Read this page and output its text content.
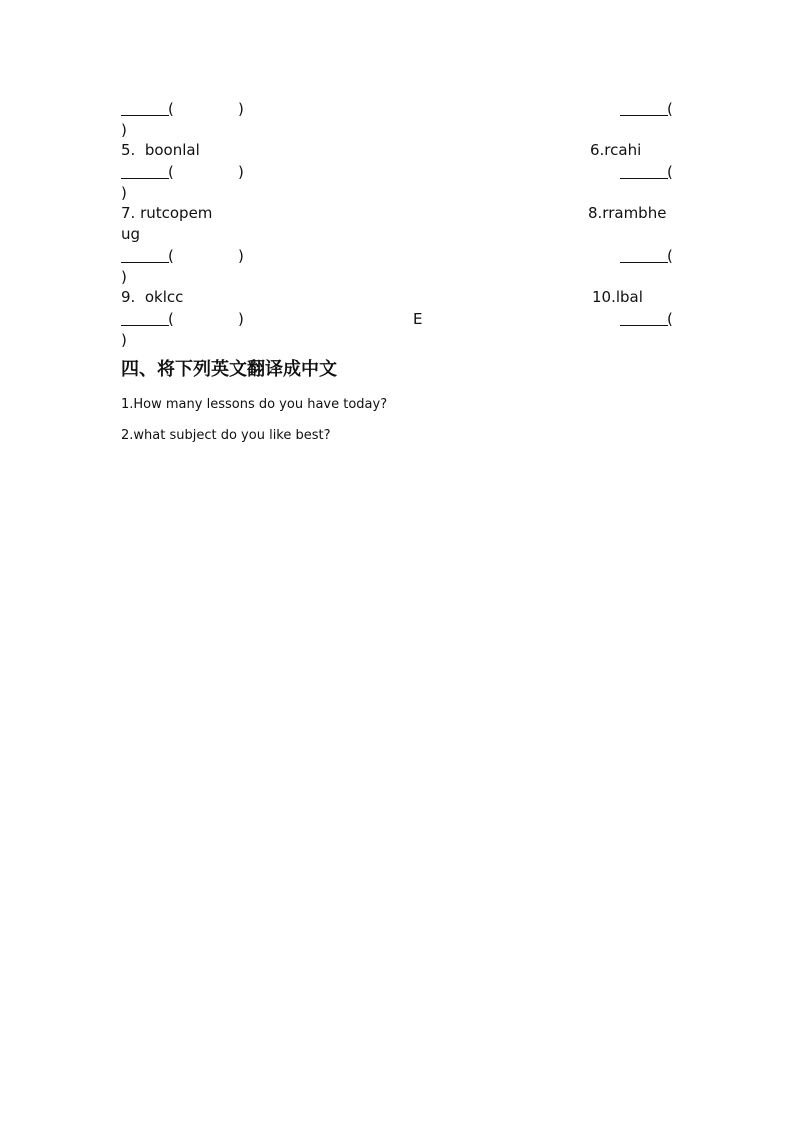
(	)	(
)
5.  boonlal	6.rcahi
(	)	(
)
7. rutcopem	8.rrambhe
ug
(	)	(
)
9.  oklcc	10.lbal
(	)	E	(
)
四、将下列英文翻译成中文
1.How many lessons do you have today?
2.what subject do you like best?
